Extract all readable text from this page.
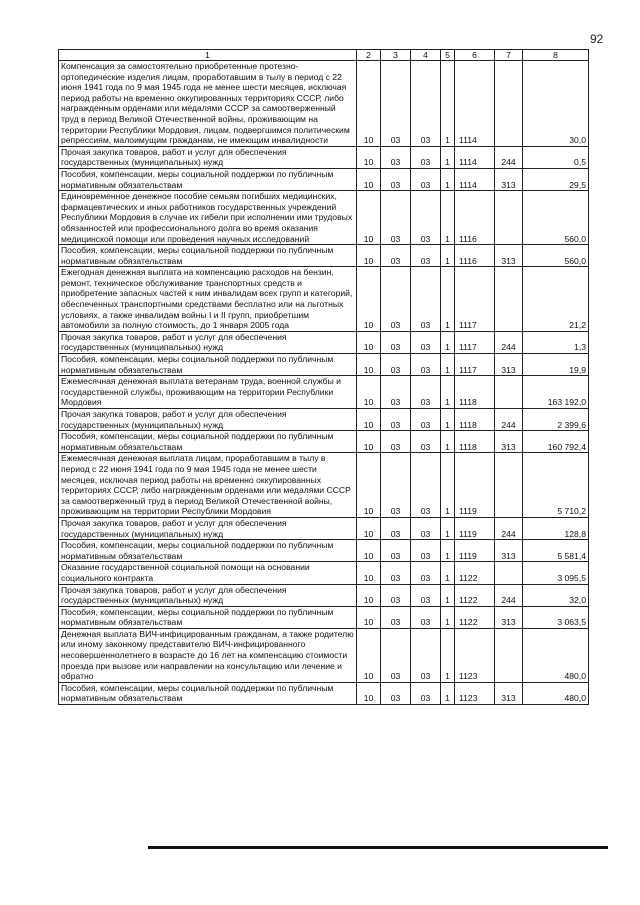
92
1	2	3	4	5	6	7	8
Компенсация за самостоятельно приобретенные протезно-ортопедические изделия лицам, проработавшим в тылу в период с 22 июня 1941 года по 9 мая 1945 года не менее шести месяцев, исключая период работы на временно оккупированных территориях СССР, либо награжденным орденами или медалями СССР за самоотверженный труд в период Великой Отечественной войны, проживающим на территории Республики Мордовия, лицам, подвергшимся политическим репрессиям, малоимущим гражданам, не имеющим инвалидности	10	03	03	1	1114		30,0
Прочая закупка товаров, работ и услуг для обеспечения государственных (муниципальных) нужд	10	03	03	1	1114	244	0,5
Пособия, компенсации, меры социальной поддержки по публичным нормативным обязательствам	10	03	03	1	1114	313	29,5
Единовременное денежное пособие семьям погибших медицинских, фармацевтических и иных работников государственных учреждений Республики Мордовия в случае их гибели при исполнении ими трудовых обязанностей или профессионального долга во время оказания медицинской помощи или проведения научных исследований	10	03	03	1	1116		560,0
Пособия, компенсации, меры социальной поддержки по публичным нормативным обязательствам	10	03	03	1	1116	313	560,0
Ежегодная денежная выплата на компенсацию расходов на бензин, ремонт, техническое обслуживание транспортных средств и приобретение запасных частей к ним инвалидам всех групп и категорий, обеспеченных транспортными средствами бесплатно или на льготных условиях, а также инвалидам войны I и II групп, приобретшим автомобили за полную стоимость, до 1 января 2005 года	10	03	03	1	1117		21,2
Прочая закупка товаров, работ и услуг для обеспечения государственных (муниципальных) нужд	10	03	03	1	1117	244	1,3
Пособия, компенсации, меры социальной поддержки по публичным нормативным обязательствам	10	03	03	1	1117	313	19,9
Ежемесячная денежная выплата ветеранам труда, военной службы и государственной службы, проживающим на территории Республики Мордовия	10	03	03	1	1118		163 192,0
Прочая закупка товаров, работ и услуг для обеспечения государственных (муниципальных) нужд	10	03	03	1	1118	244	2 399,6
Пособия, компенсации, меры социальной поддержки по публичным нормативным обязательствам	10	03	03	1	1118	313	160 792,4
Ежемесячная денежная выплата лицам, проработавшим в тылу в период с 22 июня 1941 года по 9 мая 1945 года не менее шести месяцев, исключая период работы на временно оккупированных территориях СССР, либо награжденным орденами или медалями СССР за самоотверженный труд в период Великой Отечественной войны, проживающим на территории Республики Мордовия	10	03	03	1	1119		5 710,2
Прочая закупка товаров, работ и услуг для обеспечения государственных (муниципальных) нужд	10	03	03	1	1119	244	128,8
Пособия, компенсации, меры социальной поддержки по публичным нормативным обязательствам	10	03	03	1	1119	313	5 581,4
Оказание государственной социальной помощи на основании социального контракта	10	03	03	1	1122		3 095,5
Прочая закупка товаров, работ и услуг для обеспечения государственных (муниципальных) нужд	10	03	03	1	1122	244	32,0
Пособия, компенсации, меры социальной поддержки по публичным нормативным обязательствам	10	03	03	1	1122	313	3 063,5
Денежная выплата ВИЧ-инфицированным гражданам, а также родителю или иному законному представителю ВИЧ-инфицированного несовершеннолетнего в возрасте до 16 лет на компенсацию стоимости проезда при вызове или направлении на консультацию или лечение и обратно	10	03	03	1	1123		480,0
Пособия, компенсации, меры социальной поддержки по публичным нормативным обязательствам	10	03	03	1	1123	313	480,0
